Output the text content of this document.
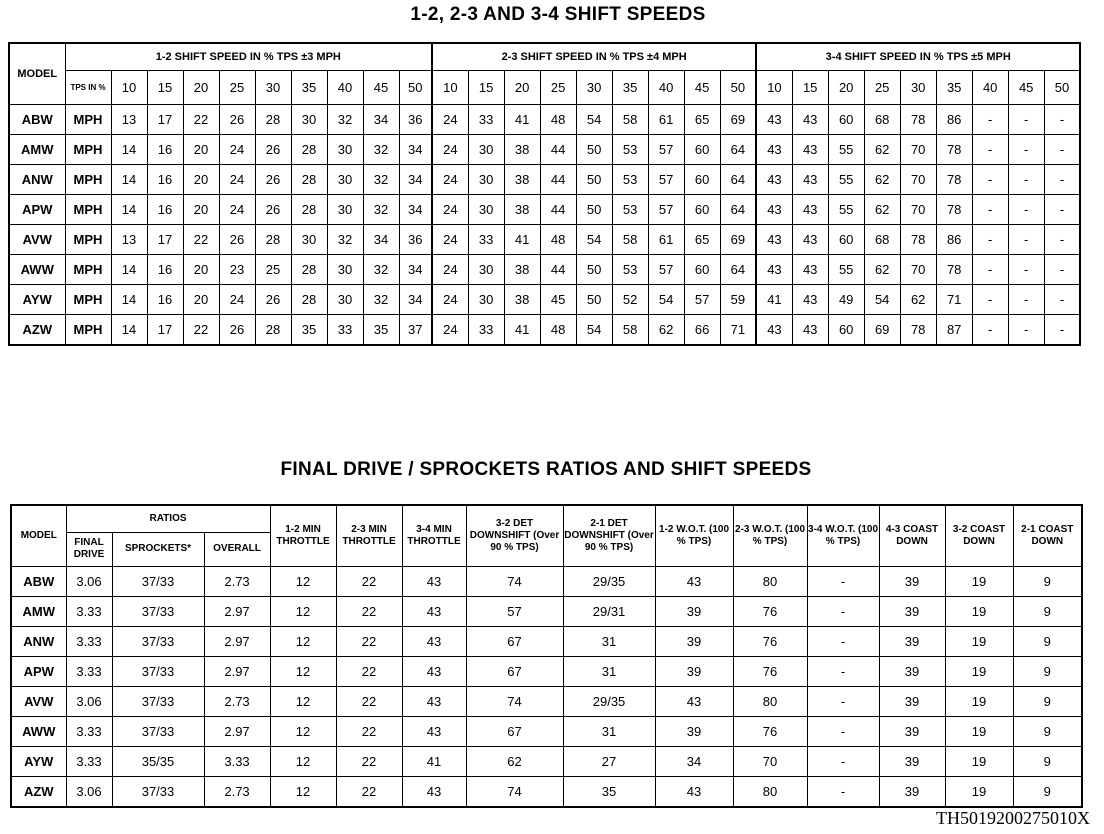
1-2, 2-3 AND 3-4 SHIFT SPEEDS
MODEL	1-2 SHIFT SPEED IN % TPS ±3 MPH										2-3 SHIFT SPEED IN % TPS ±4 MPH									3-4 SHIFT SPEED IN % TPS ±5 MPH								
	TPS IN %	10	15	20	25	30	35	40	45	50	10	15	20	25	30	35	40	45	50	10	15	20	25	30	35	40	45	50
ABW	MPH	13	17	22	26	28	30	32	34	36	24	33	41	48	54	58	61	65	69	43	43	60	68	78	86	-	-	-
AMW	MPH	14	16	20	24	26	28	30	32	34	24	30	38	44	50	53	57	60	64	43	43	55	62	70	78	-	-	-
ANW	MPH	14	16	20	24	26	28	30	32	34	24	30	38	44	50	53	57	60	64	43	43	55	62	70	78	-	-	-
APW	MPH	14	16	20	24	26	28	30	32	34	24	30	38	44	50	53	57	60	64	43	43	55	62	70	78	-	-	-
AVW	MPH	13	17	22	26	28	30	32	34	36	24	33	41	48	54	58	61	65	69	43	43	60	68	78	86	-	-	-
AWW	MPH	14	16	20	23	25	28	30	32	34	24	30	38	44	50	53	57	60	64	43	43	55	62	70	78	-	-	-
AYW	MPH	14	16	20	24	26	28	30	32	34	24	30	38	45	50	52	54	57	59	41	43	49	54	62	71	-	-	-
AZW	MPH	14	17	22	26	28	35	33	35	37	24	33	41	48	54	58	62	66	71	43	43	60	69	78	87	-	-	-
FINAL DRIVE / SPROCKETS RATIOS AND SHIFT SPEEDS
MODEL	RATIOS			1-2 MIN THROTTLE	2-3 MIN THROTTLE	3-4 MIN THROTTLE	3-2 DET DOWNSHIFT (Over 90 % TPS)	2-1 DET DOWNSHIFT (Over 90 % TPS)	1-2 W.O.T. (100 % TPS)	2-3 W.O.T. (100 % TPS)	3-4 W.O.T. (100 % TPS)	4-3 COAST DOWN	3-2 COAST DOWN	2-1 COAST DOWN
	FINAL DRIVE	SPROCKETS*	OVERALL											
ABW	3.06	37/33	2.73	12	22	43	74	29/35	43	80	-	39	19	9
AMW	3.33	37/33	2.97	12	22	43	57	29/31	39	76	-	39	19	9
ANW	3.33	37/33	2.97	12	22	43	67	31	39	76	-	39	19	9
APW	3.33	37/33	2.97	12	22	43	67	31	39	76	-	39	19	9
AVW	3.06	37/33	2.73	12	22	43	74	29/35	43	80	-	39	19	9
AWW	3.33	37/33	2.97	12	22	43	67	31	39	76	-	39	19	9
AYW	3.33	35/35	3.33	12	22	41	62	27	34	70	-	39	19	9
AZW	3.06	37/33	2.73	12	22	43	74	35	43	80	-	39	19	9
TH5019200275010X
